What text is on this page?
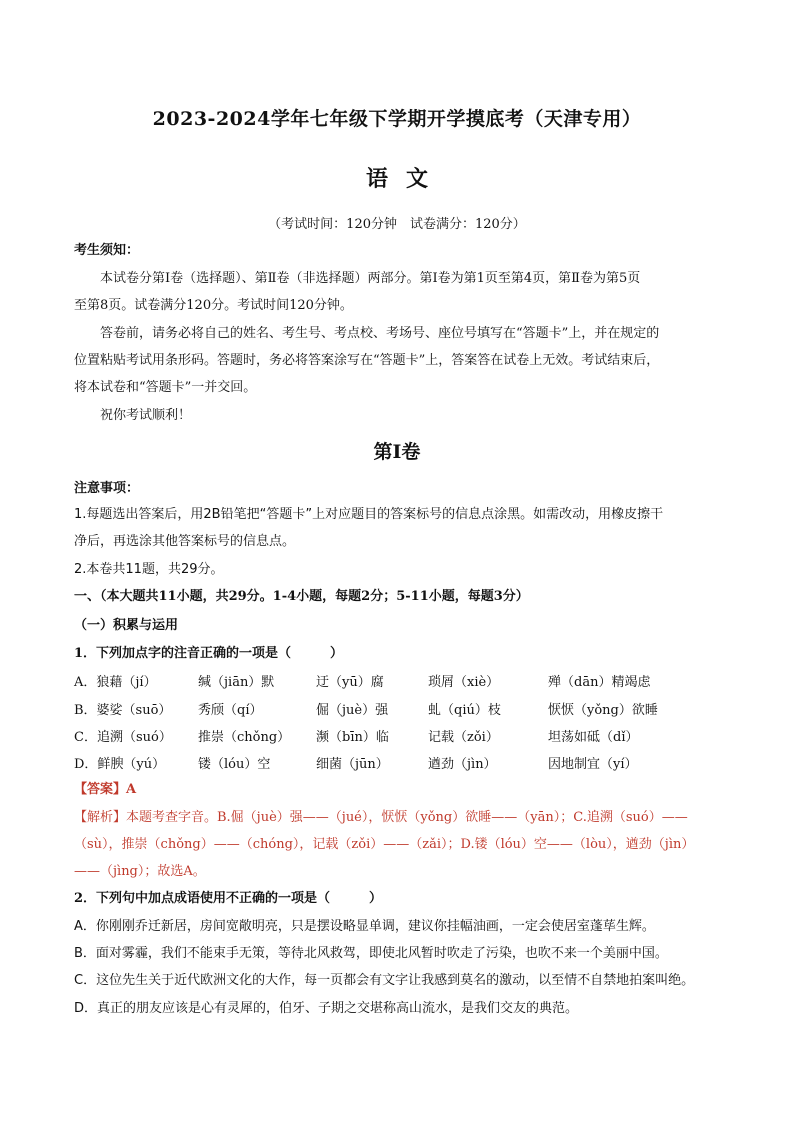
2023-2024学年七年级下学期开学摸底考（天津专用）
语文
（考试时间：120分钟　试卷满分：120分）
考生须知：
本试卷分第Ⅰ卷（选择题）、第Ⅱ卷（非选择题）两部分。第Ⅰ卷为第1页至第4页，第Ⅱ卷为第5页
至第8页。试卷满分120分。考试时间120分钟。
答卷前，请务必将自己的姓名、考生号、考点校、考场号、座位号填写在“答题卡”上，并在规定的
位置粘贴考试用条形码。答题时，务必将答案涂写在“答题卡”上，答案答在试卷上无效。考试结束后，
将本试卷和“答题卡”一并交回。
祝你考试顺利！
第Ⅰ卷
注意事项：
1.每题选出答案后，用2B铅笔把“答题卡”上对应题目的答案标号的信息点涂黑。如需改动，用橡皮擦干
净后，再选涂其他答案标号的信息点。
2.本卷共11题，共29分。
一、（本大题共11小题，共29分。1-4小题，每题2分；5-11小题，每题3分）
（一）积累与运用
1．下列加点字的注音正确的一项是（　　　）
A．狼藉（jí）	缄（jiān）默	迂（yū）腐	琐屑（xiè）	殚（dān）精竭虑
B．婆娑（suō） 秀颀（qí）	倔（juè）强	虬（qiú）枝	恹恹（yǒng）欲睡
C．追溯（suó） 推崇（chǒng） 濒（bīn）临	记载（zǒi）	坦荡如砥（dǐ）
D．鲜腴（yú）	镂（lóu）空	细菌（jūn）	遒劲（jìn）	因地制宜（yí）
【答案】A
【解析】本题考查字音。B.倔（juè）强——（jué），恹恹（yǒng）欲睡——（yān）；C.追溯（suó）——
（sù），推崇（chǒng）——（chóng），记载（zǒi）——（zǎi）；D.镂（lóu）空——（lòu），遒劲（jìn）
——（jìng）；故选A。
2．下列句中加点成语使用不正确的一项是（　　　）
A．你刚刚乔迁新居，房间宽敞明亮，只是摆设略显单调，建议你挂幅油画，一定会使居室蓬荜生辉。
B．面对雾霾，我们不能束手无策，等待北风救驾，即使北风暂时吹走了污染，也吹不来一个美丽中国。
C．这位先生关于近代欧洲文化的大作，每一页都会有文字让我感到莫名的激动，以至情不自禁地拍案叫绝。
D．真正的朋友应该是心有灵犀的，伯牙、子期之交堪称高山流水，是我们交友的典范。
